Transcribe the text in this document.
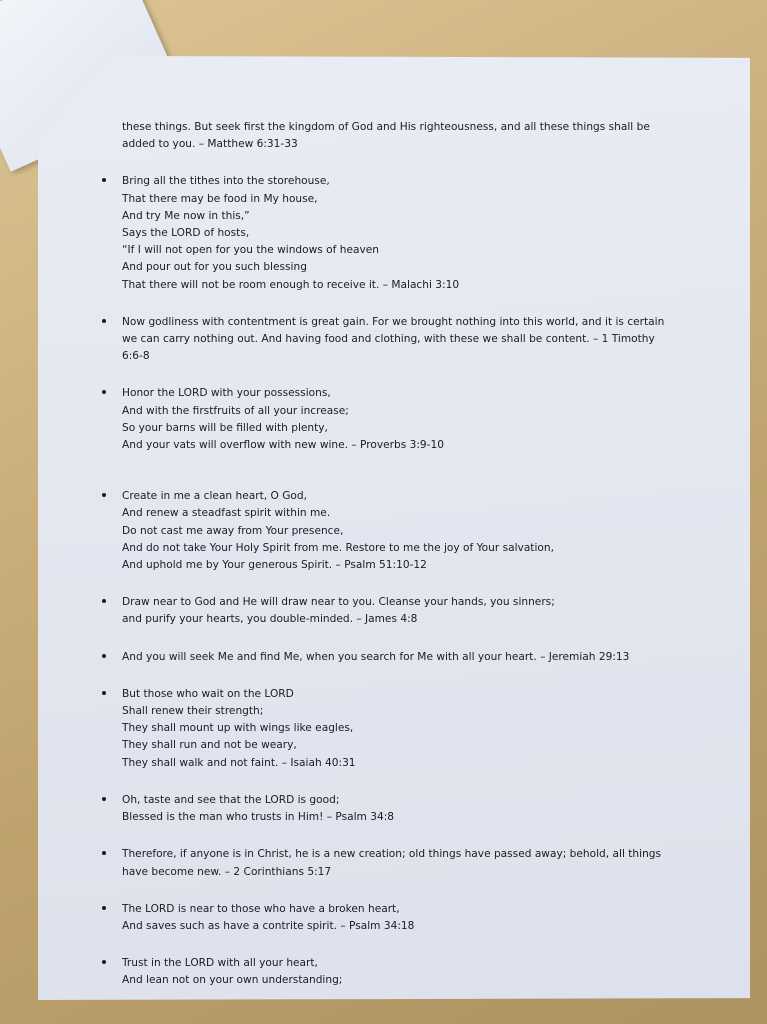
these things. But seek first the kingdom of God and His righteousness, and all these things shall be
added to you. – Matthew 6:31-33
Bring all the tithes into the storehouse,
That there may be food in My house,
And try Me now in this,”
Says the LORD of hosts,
“If I will not open for you the windows of heaven
And pour out for you such blessing
That there will not be room enough to receive it. – Malachi 3:10
Now godliness with contentment is great gain. For we brought nothing into this world, and it is certain
we can carry nothing out. And having food and clothing, with these we shall be content. – 1 Timothy
6:6-8
Honor the LORD with your possessions,
And with the firstfruits of all your increase;
So your barns will be filled with plenty,
And your vats will overflow with new wine. – Proverbs 3:9-10
Create in me a clean heart, O God,
And renew a steadfast spirit within me.
Do not cast me away from Your presence,
And do not take Your Holy Spirit from me. Restore to me the joy of Your salvation,
And uphold me by Your generous Spirit. – Psalm 51:10-12
Draw near to God and He will draw near to you. Cleanse your hands, you sinners;
and purify your hearts, you double-minded. – James 4:8
And you will seek Me and find Me, when you search for Me with all your heart. – Jeremiah 29:13
But those who wait on the LORD
Shall renew their strength;
They shall mount up with wings like eagles,
They shall run and not be weary,
They shall walk and not faint. – Isaiah 40:31
Oh, taste and see that the LORD is good;
Blessed is the man who trusts in Him! – Psalm 34:8
Therefore, if anyone is in Christ, he is a new creation; old things have passed away; behold, all things
have become new. – 2 Corinthians 5:17
The LORD is near to those who have a broken heart,
And saves such as have a contrite spirit. – Psalm 34:18
Trust in the LORD with all your heart,
And lean not on your own understanding;
